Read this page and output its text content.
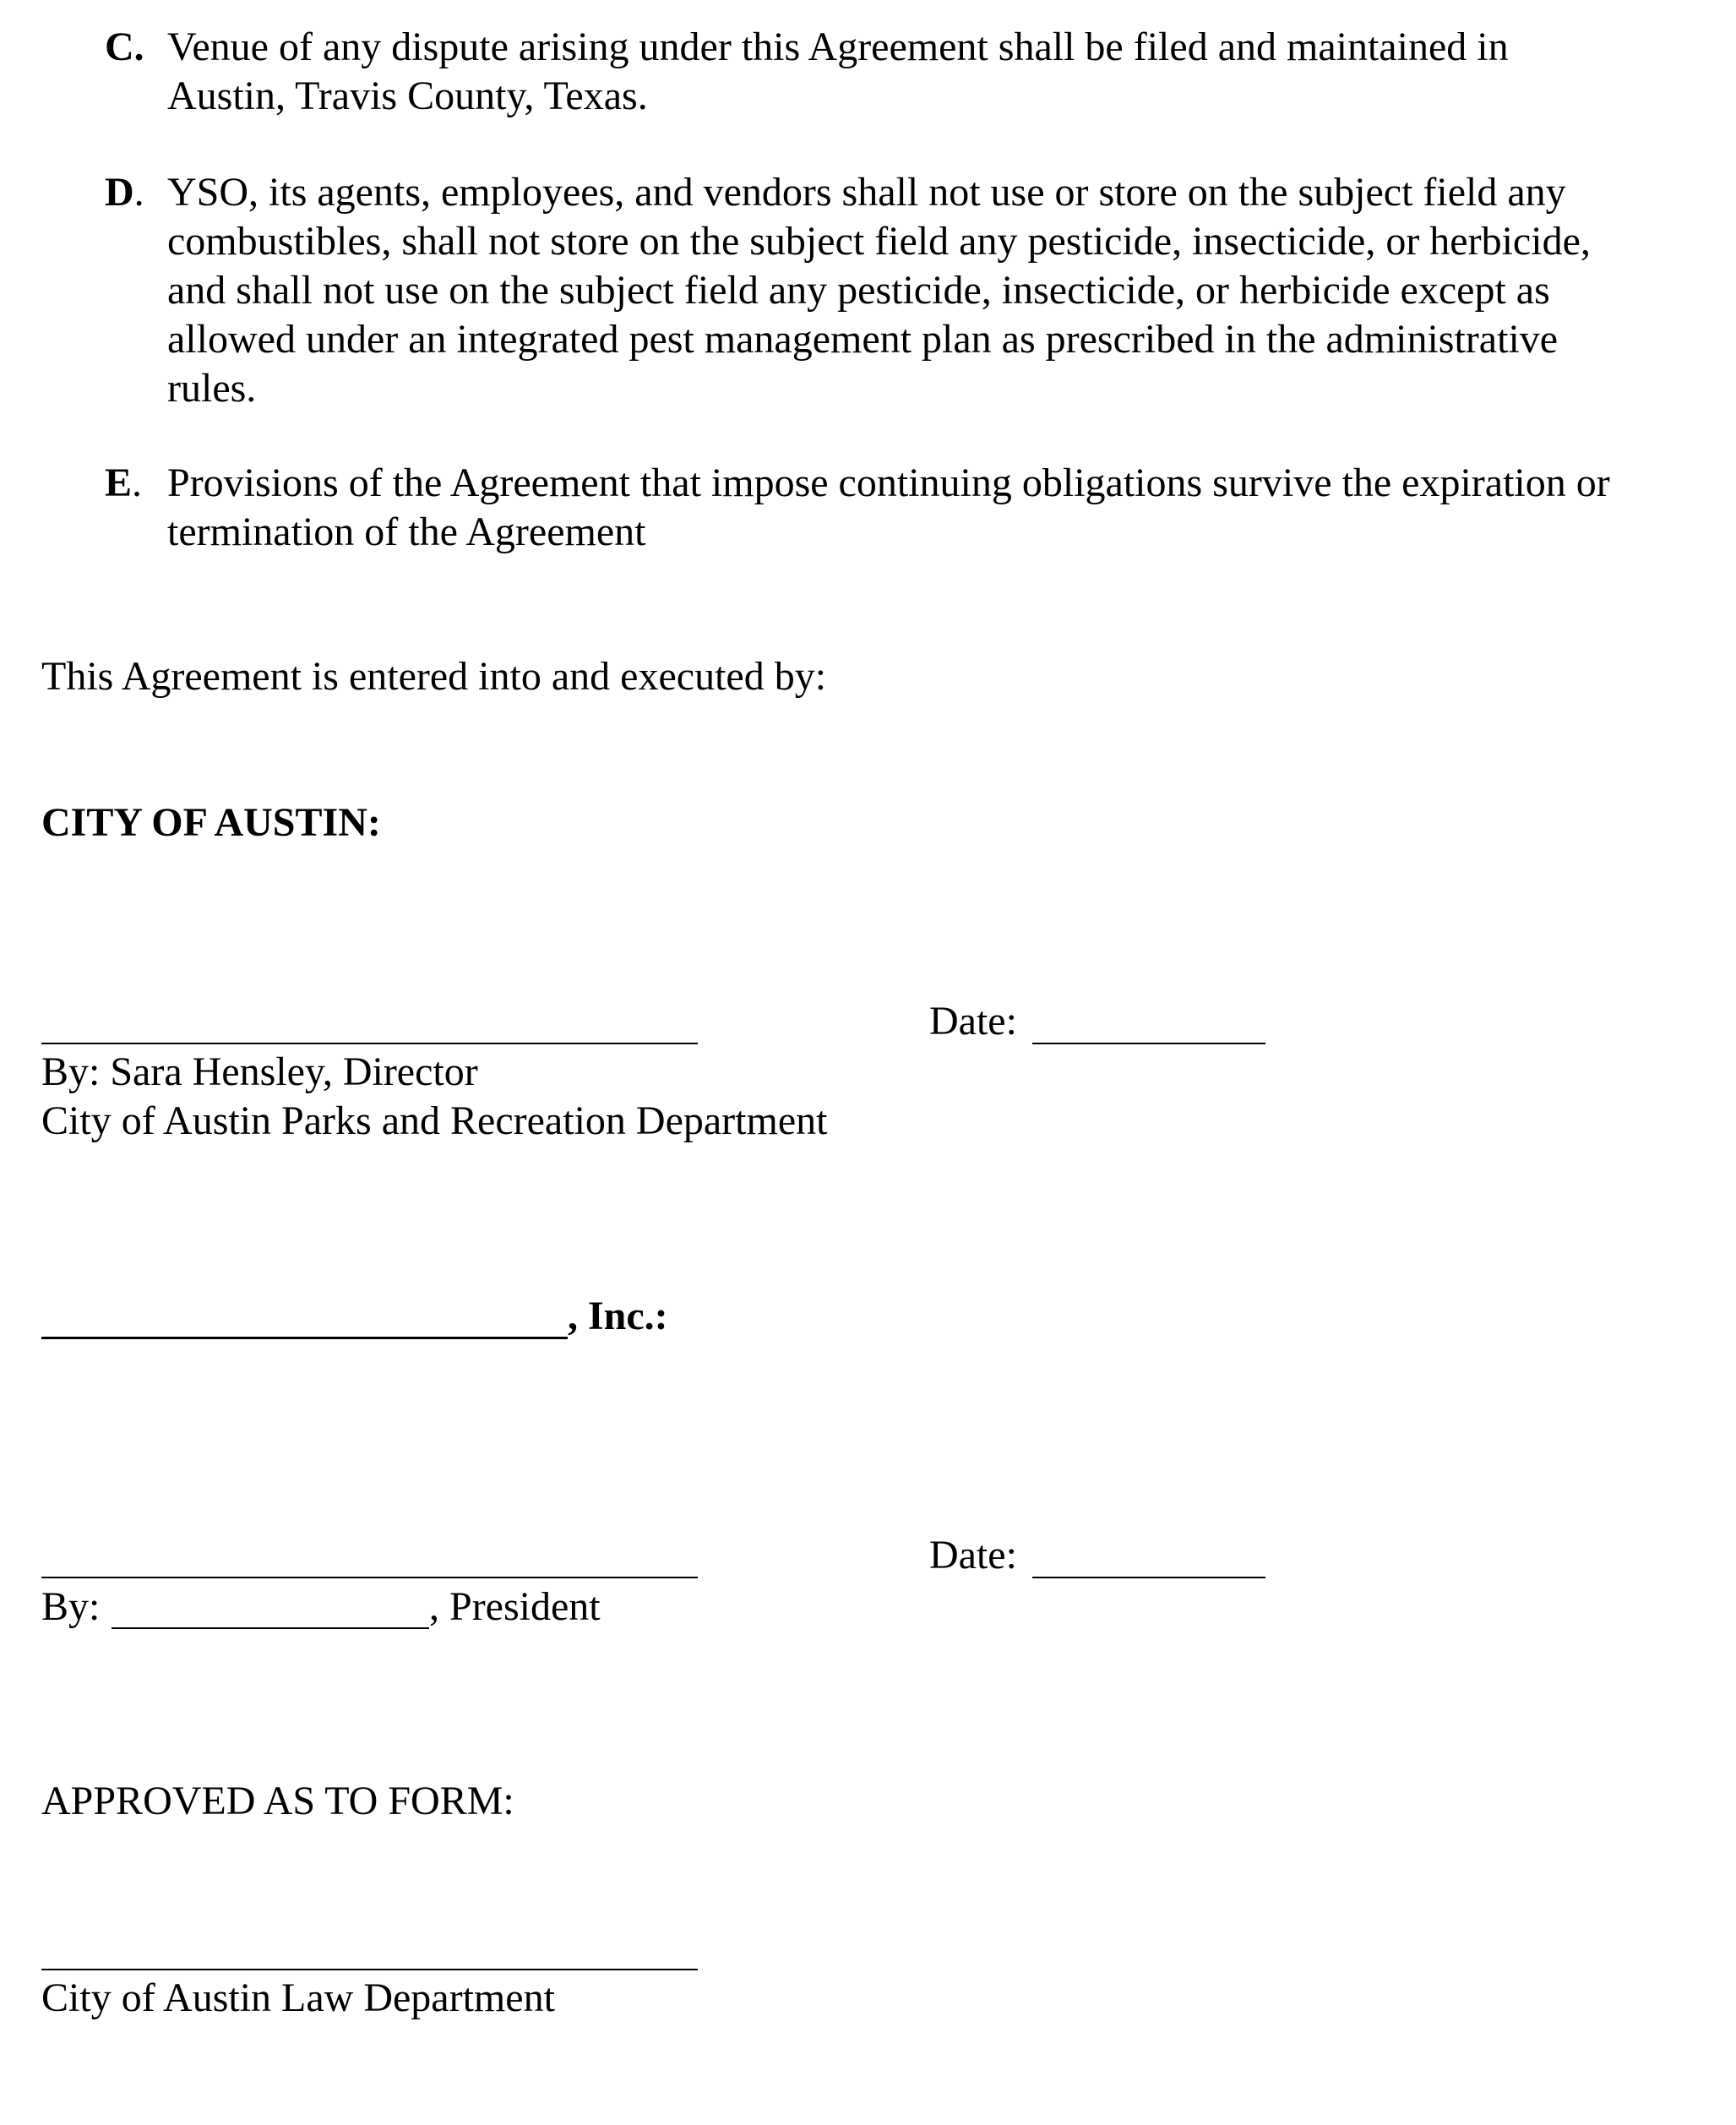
C. Venue of any dispute arising under this Agreement shall be filed and maintained in
Austin, Travis County, Texas.
D. YSO, its agents, employees, and vendors shall not use or store on the subject field any
combustibles, shall not store on the subject field any pesticide, insecticide, or herbicide,
and shall not use on the subject field any pesticide, insecticide, or herbicide except as
allowed under an integrated pest management plan as prescribed in the administrative
rules.
E. Provisions of the Agreement that impose continuing obligations survive the expiration or
termination of the Agreement
This Agreement is entered into and executed by:
CITY OF AUSTIN:
Date:
By: Sara Hensley, Director
City of Austin Parks and Recreation Department
, Inc.:
Date:
By:	, President
APPROVED AS TO FORM:
City of Austin Law Department
